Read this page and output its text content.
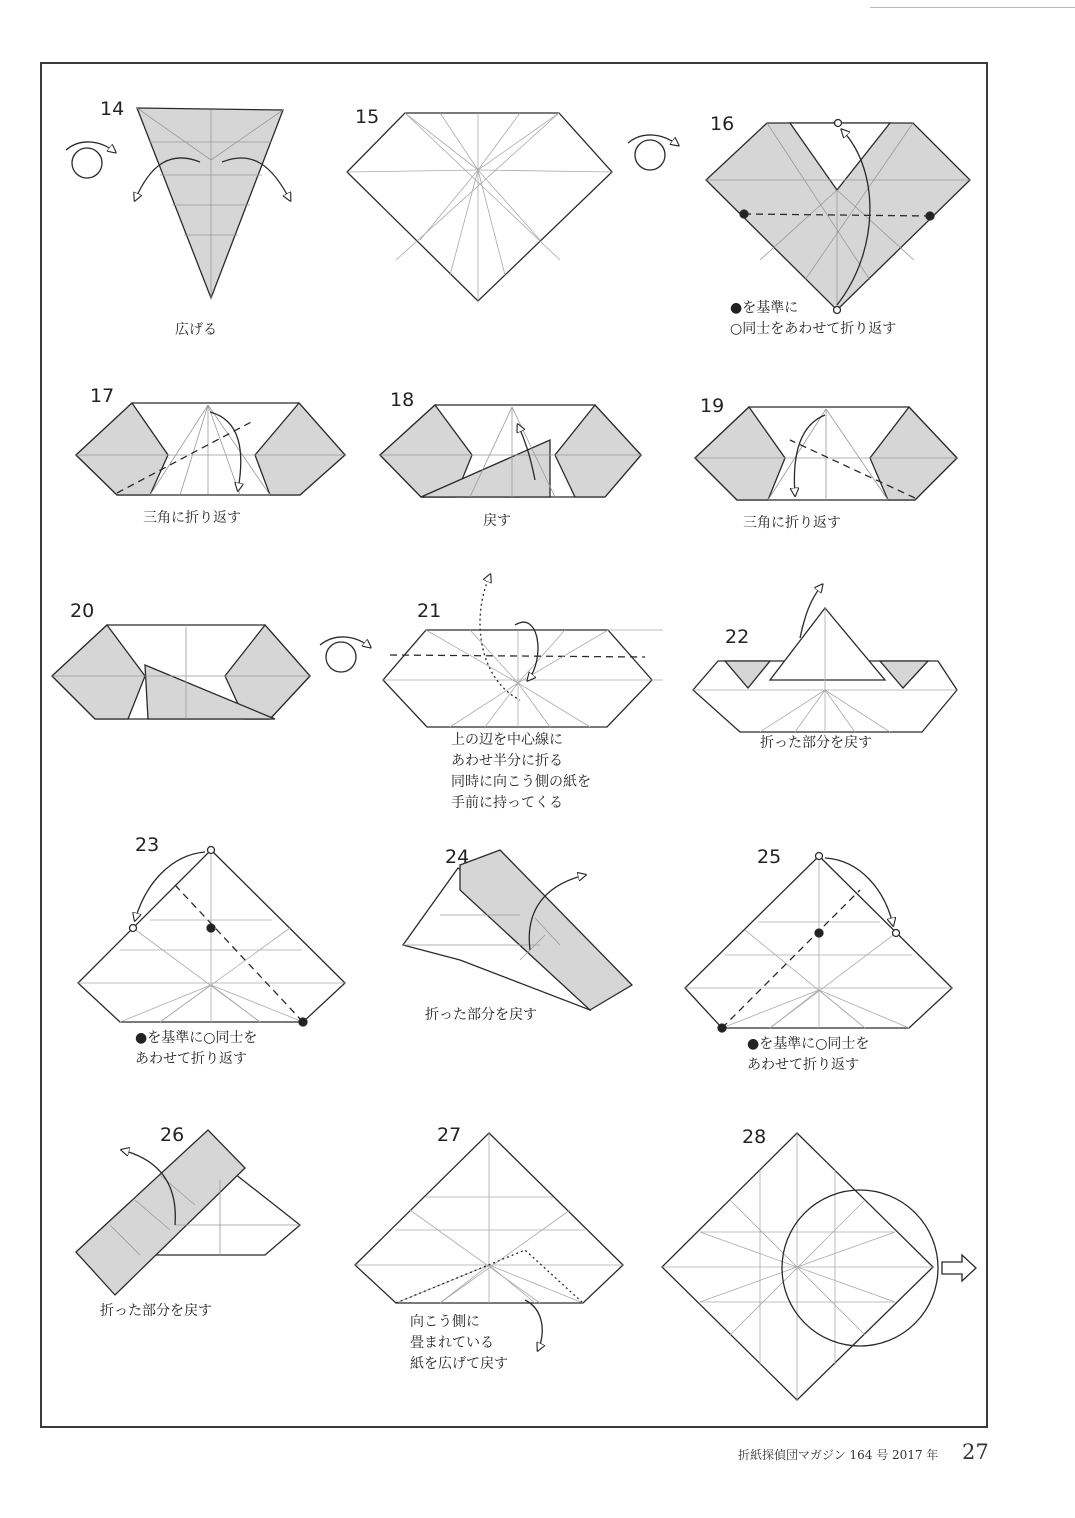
14	15	16
17	18	19
20	21
22
23
24	25
26	27	28
広げる
●を基準に
○同士をあわせて折り返す
三角に折り返す	戻す	三角に折り返す
上の辺を中心線に
あわせ半分に折る
同時に向こう側の紙を
手前に持ってくる
折った部分を戻す
●を基準に○同士を
あわせて折り返す
折った部分を戻す
●を基準に○同士を
あわせて折り返す
折った部分を戻す
向こう側に
畳まれている
紙を広げて戻す
折紙探偵団マガジン 164 号 2017 年 27
